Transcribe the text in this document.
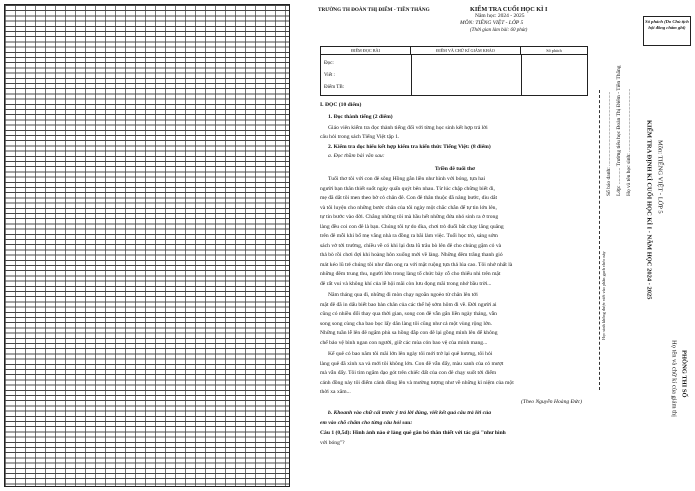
TRƯỜNG TH ĐOÀN THỊ ĐIỂM - TIỀN THẮNG	KIỂM TRA CUỐI HỌC KÌ I
Năm học: 2024 - 2025
MÔN: TIẾNG VIỆT - LỚP 5
(Thời gian làm bài: 60 phút)
ĐIỂM ĐỌC BÀI	ĐIỂM VÀ CHỮ KÍ GIÁM KHẢO	Số phách
Đọc:
Viết :
Điểm TB:
I. ĐỌC (10 điểm)
1. Đọc thành tiếng (2 điểm)
Giáo viên kiểm tra đọc thành tiếng đối với từng học sinh kết hợp trả lời
câu hỏi trong sách Tiếng Việt tập 1.
2. Kiểm tra đọc hiểu kết hợp kiểm tra kiến thức Tiếng Việt: (8 điểm)
a. Đọc thầm bài văn sau:
Triền đê tuổi thơ
Tuổi thơ tôi với con đê sông Hồng gắn liền như hình với bóng, tựa hai
người bạn thân thiết suốt ngày quấn quýt bên nhau. Từ lúc chập chững biết đi,
mẹ đã dắt tôi men theo bờ cỏ chân đê. Con đê thân thuộc đã nâng bước, dìu dắt
và tôi luyện cho những bước chân của tôi ngày một chắc chắn để tự tin lớn lên,
tự tin bước vào đời. Chẳng những tôi mà hầu hết những đứa nhỏ sinh ra ở trong
làng đều coi con đê là bạn. Chúng tôi tự do đùa, chơi trò đuổi bắt chạy lăng quăng
trên đê mỗi khi bố mẹ vắng nhà ra đồng ra bãi làm việc. Tuổi học trò, sáng sớm
sách vở tới trường, chiều về có khi lại đưa lũ trâu bò lên đê cho chúng gặm cỏ và
thả bò rồi chơi đợi khi hoàng hôn xuống mới về làng. Những đêm trăng thanh gió
mát kéo lũ trẻ chúng tôi như đàn ong ra với mặt ruộng tựa thả lúa cao. Tôi nhớ nhất là
những đêm trung thu, người lớn trong làng tổ chức bày cỗ cho thiếu nhi trên mặt
đê rất vui và không khí của lễ hội mãi còn lưu đọng mãi trong nhớ bầu trời...
Năm tháng qua đi, những đi mòn chạy ngoằn ngoèo từ chân lên tới
mặt đê đã in dấu biết bao bàn chân của các thế hệ sớm hôm đi về. Đời người ai
cũng có nhiều đổi thay qua thời gian, song con đê vẫn gắn liền ngày tháng, vẫn
song song cùng cha bao bọc lấy dân làng tôi cũng như cả một vùng rộng lớn.
Những tuần lễ lên đê ngắm phù sa hồng đắp con đê lại gồng mình lên để không
chế bảo vệ bình ngan con người, giữ các mùa cỏn bao vệ của mình mang...
Kể quê có bao năm tôi mãi lớn lên ngày tôi mới trở lại quê hương, tôi hỏi
làng quê đã xinh xa và mới tôi không lớn. Con đê vẫn đấy, màu xanh của cỏ mượt
mà vẫn đấy. Tôi tìm ngắm đạo gót trên chiếc đất của con đê chạy suốt tới điểm
cánh đồng này tôi điểm cánh đồng lên và mường tượng như về những kỉ niệm của một
thời xa xăm...
(Theo Nguyễn Hoàng Đức)
b. Khoanh vào chữ cái trước ý trả lời đúng, viết kết quả câu trả lời của
em vào chỗ chấm cho từng câu hỏi sau:
Câu 1 (0,5đ): Hình ảnh nào ở làng quê gắn bó thân thiết với tác giả "như hình
với bóng"?
Số phách (Do Chủ tịch hội đồng chấm ghi)
Họ và tên học sinh: ..............................................
Lớp: ............ Trường tiểu học Đoàn Thị Điểm - Tiền Thắng
Số báo danh: ......................................................
Học sinh không được viết vào phần gạch chéo này	KIỂM TRA ĐỊNH KÌ CUỐI HỌC KÌ I - NĂM HỌC 2024 - 2025 Môn: TIẾNG VIỆT - LỚP 5
PHÒNG THI SỐ
Họ tên và chữ kí của giám thị
